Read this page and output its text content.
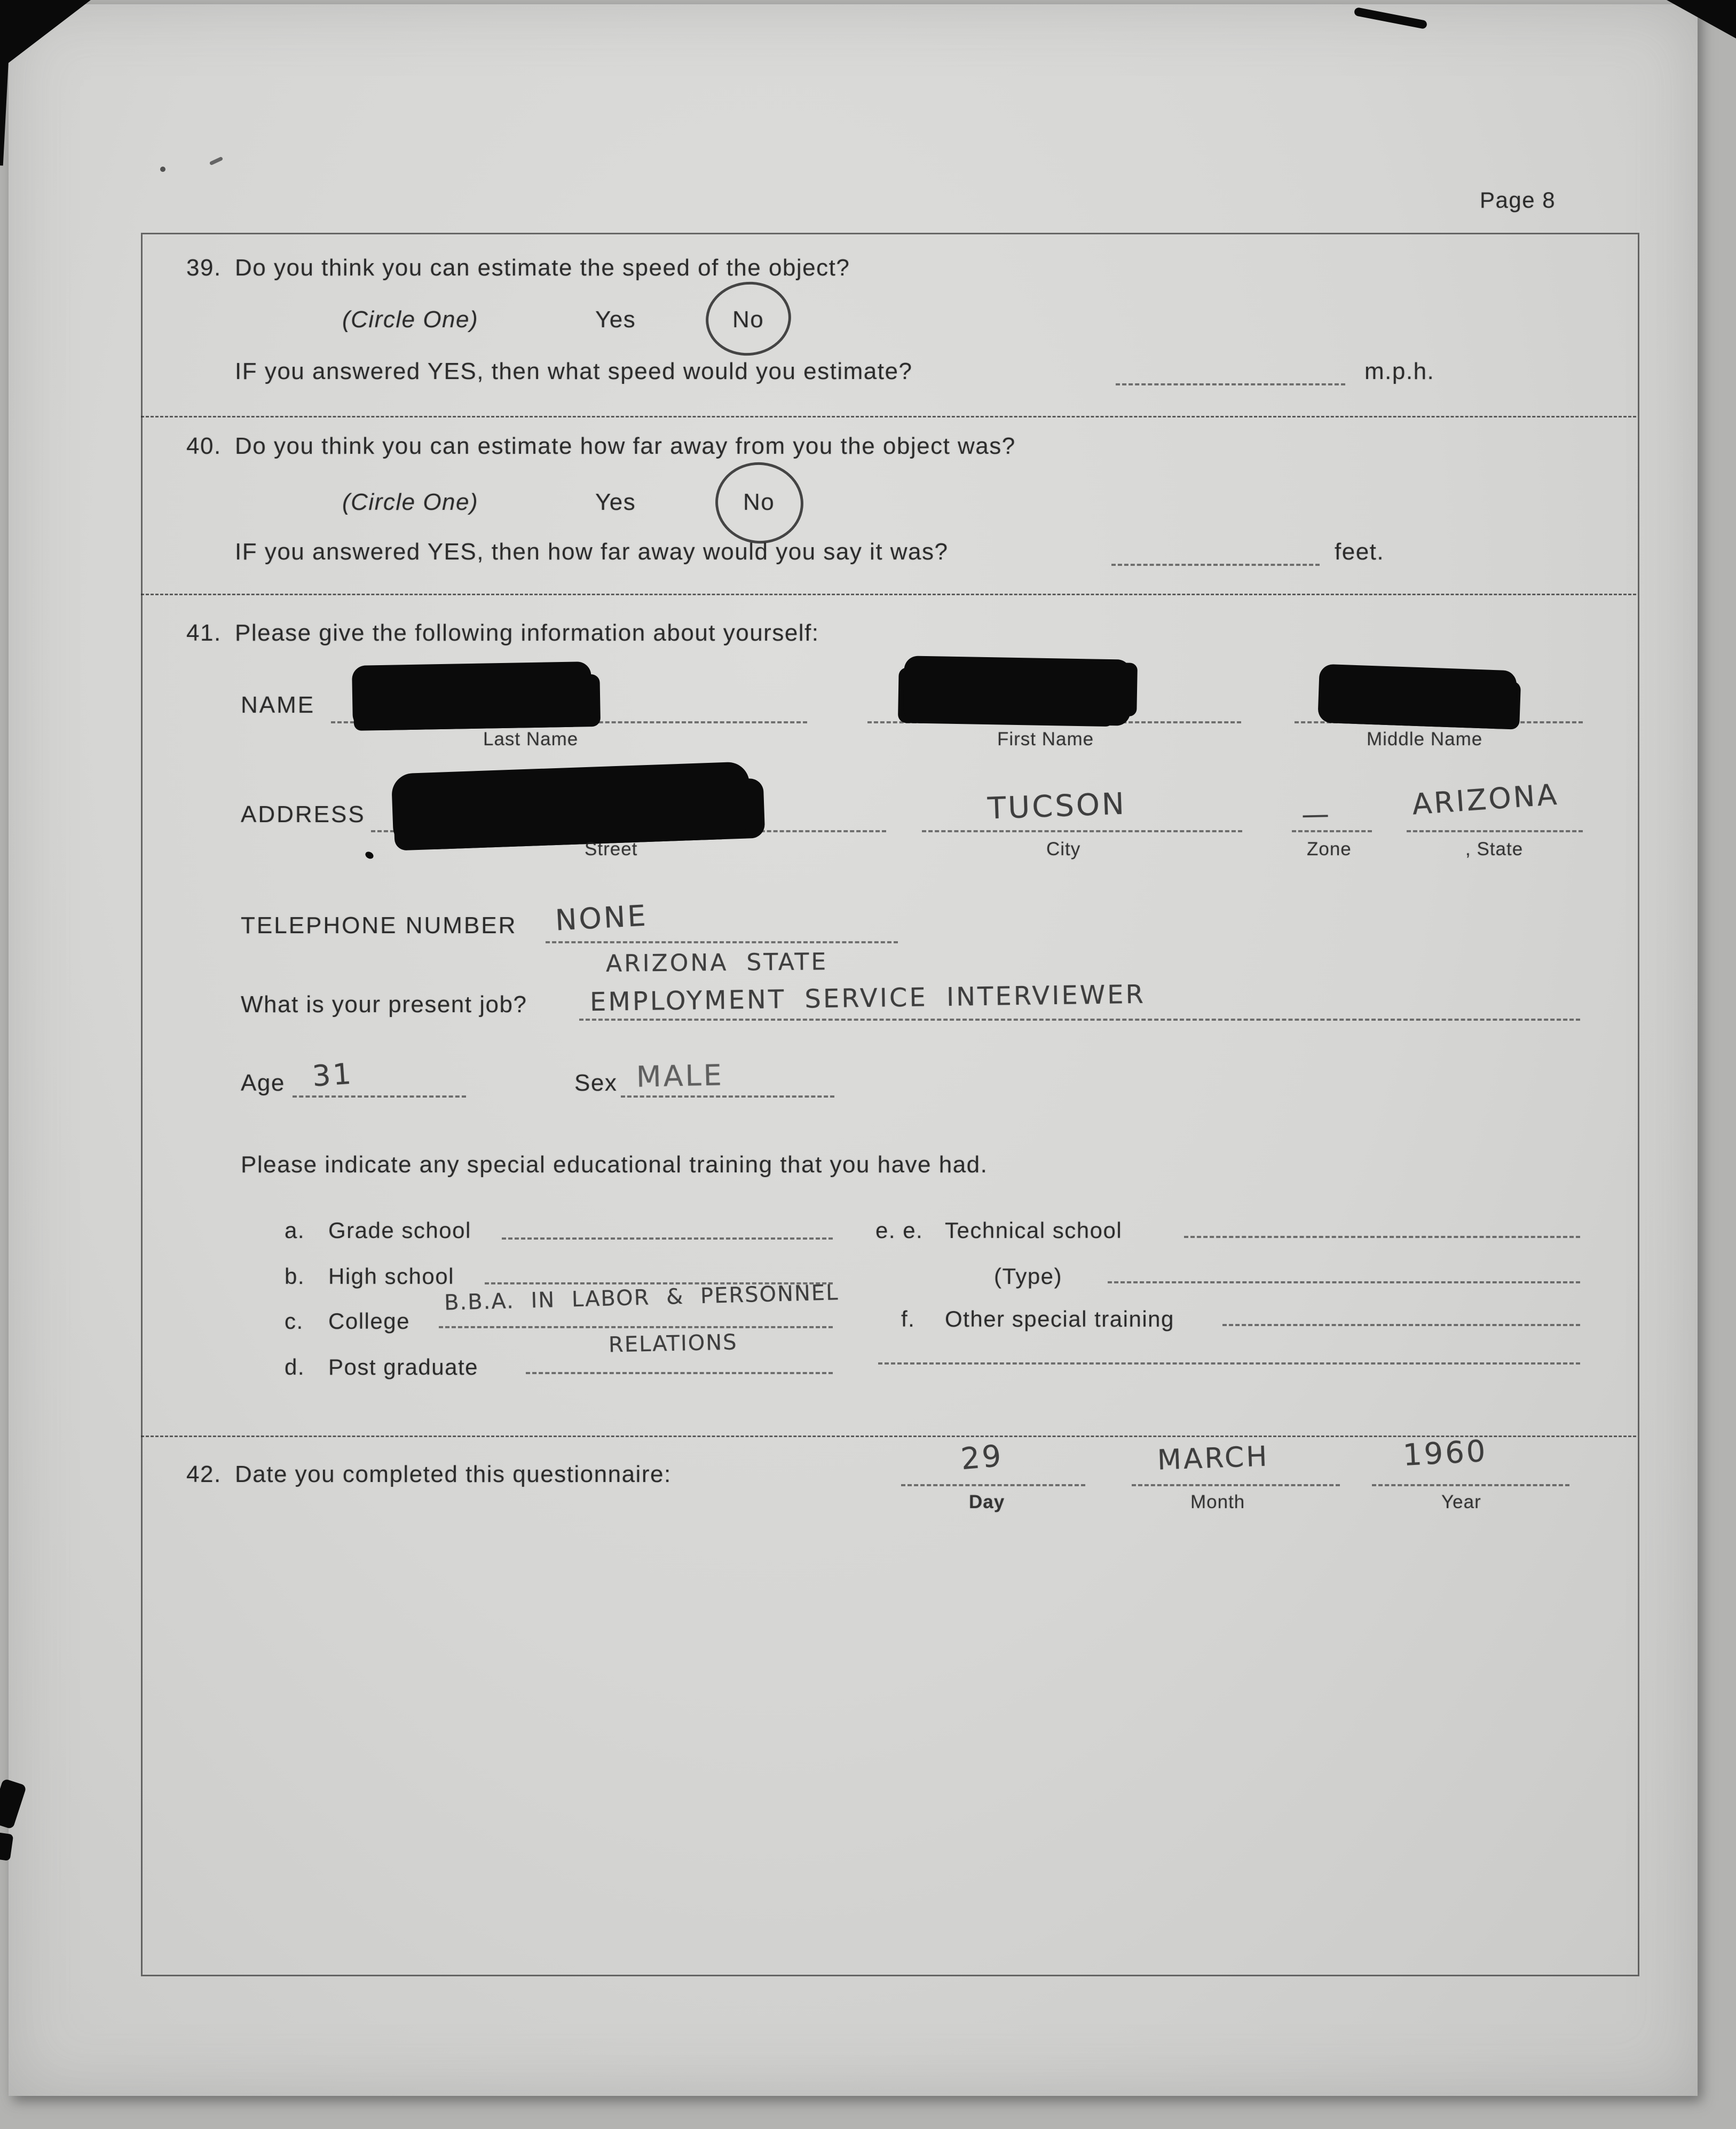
Page 8
39. Do you think you can estimate the speed of the object?
(Circle One)	Yes	No
IF you answered YES, then what speed would you estimate?	m.p.h.
40. Do you think you can estimate how far away from you the object was?
(Circle One)	Yes	No
IF you answered YES, then how far away would you say it was?	feet.
41. Please give the following information about yourself:
NAME
Last Name	First Name	Middle Name
ADDRESS
Street
TUCSON
City
—
Zone
ARIZONA
, State
TELEPHONE NUMBER NONE
ARIZONA STATE
What is your present job? EMPLOYMENT SERVICE INTERVIEWER
Age 31	Sex MALE
Please indicate any special educational training that you have had.
a. Grade school	e. e. Technical school
b. High school	(Type)
c. College
B.B.A. IN LABOR & PERSONNEL
RELATIONS
f. Other special training
d. Post graduate
42. Date you completed this questionnaire:	29
Day
MARCH
Month
1960
Year
